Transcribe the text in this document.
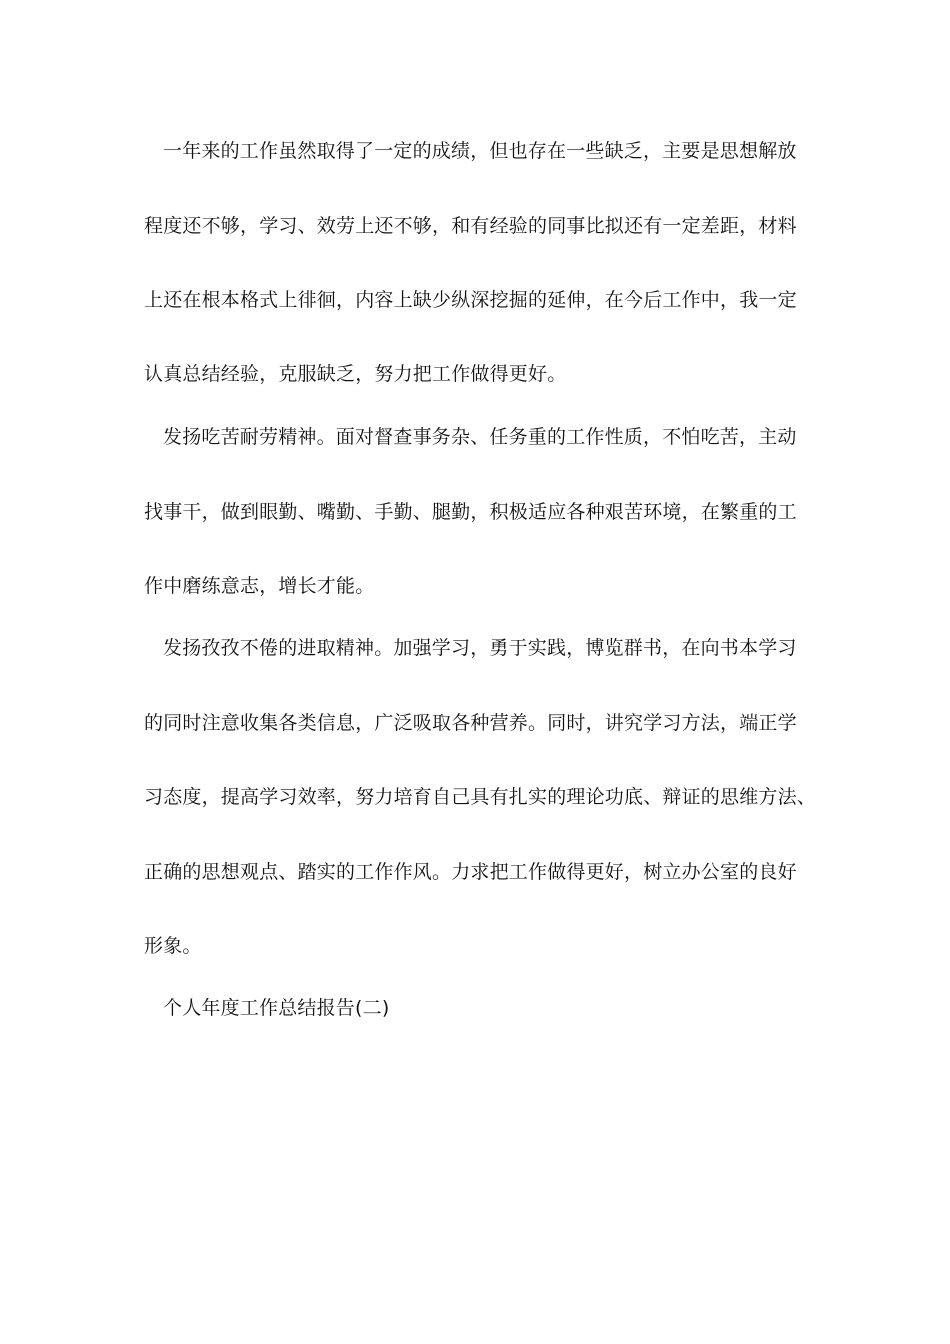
一年来的工作虽然取得了一定的成绩，但也存在一些缺乏，主要是思想解放
程度还不够，学习、效劳上还不够，和有经验的同事比拟还有一定差距，材料
上还在根本格式上徘徊，内容上缺少纵深挖掘的延伸，在今后工作中，我一定
认真总结经验，克服缺乏，努力把工作做得更好。
发扬吃苦耐劳精神。面对督查事务杂、任务重的工作性质，不怕吃苦，主动
找事干，做到眼勤、嘴勤、手勤、腿勤，积极适应各种艰苦环境，在繁重的工
作中磨练意志，增长才能。
发扬孜孜不倦的进取精神。加强学习，勇于实践，博览群书，在向书本学习
的同时注意收集各类信息，广泛吸取各种营养。同时，讲究学习方法，端正学
习态度，提高学习效率，努力培育自己具有扎实的理论功底、辩证的思维方法、
正确的思想观点、踏实的工作作风。力求把工作做得更好，树立办公室的良好
形象。
个人年度工作总结报告(二)
